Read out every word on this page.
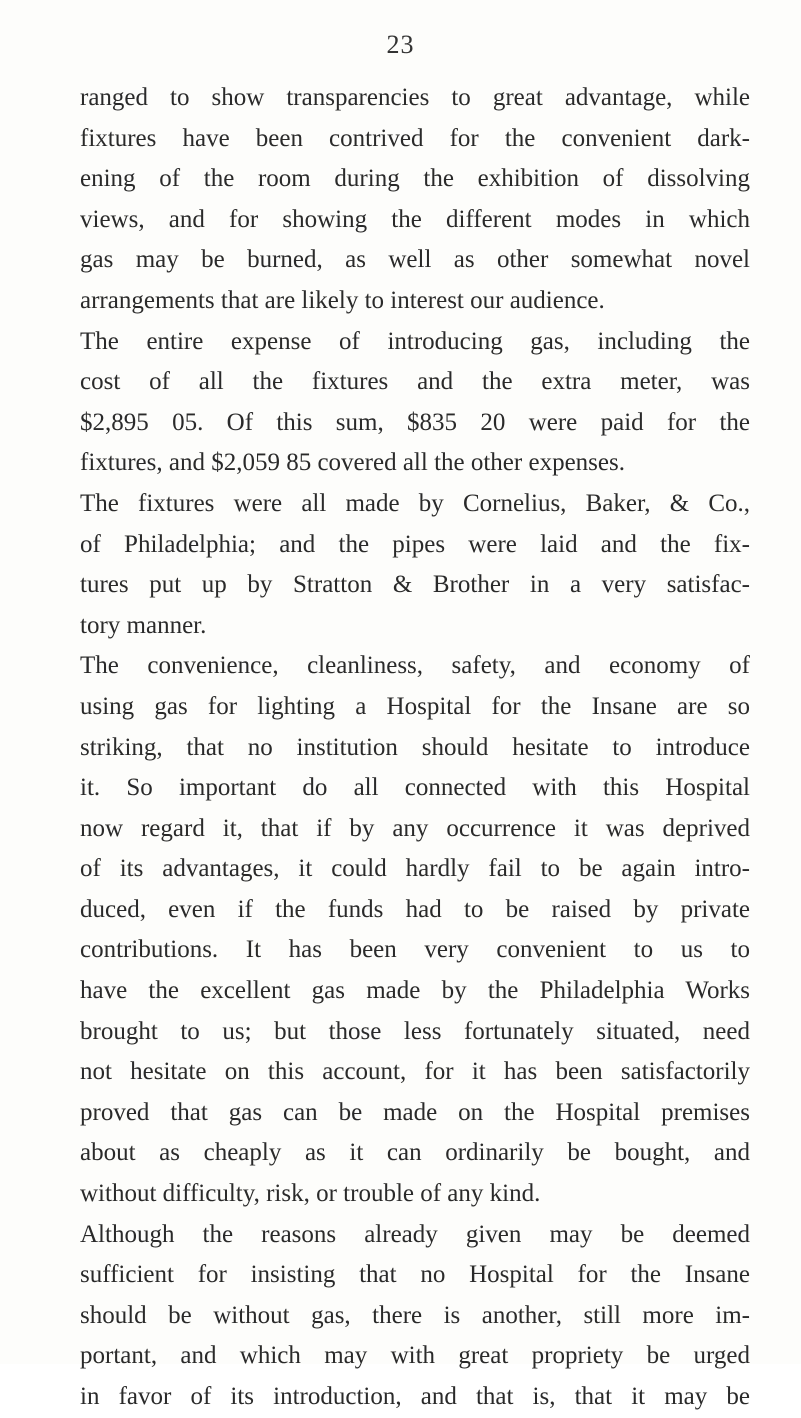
23
ranged to show transparencies to great advantage, while
fixtures have been contrived for the convenient dark-
ening of the room during the exhibition of dissolving
views, and for showing the different modes in which
gas may be burned, as well as other somewhat novel
arrangements that are likely to interest our audience.
The entire expense of introducing gas, including the
cost of all the fixtures and the extra meter, was
$2,895 05. Of this sum, $835 20 were paid for the
fixtures, and $2,059 85 covered all the other expenses.
The fixtures were all made by Cornelius, Baker, & Co.,
of Philadelphia; and the pipes were laid and the fix-
tures put up by Stratton & Brother in a very satisfac-
tory manner.
The convenience, cleanliness, safety, and economy of
using gas for lighting a Hospital for the Insane are so
striking, that no institution should hesitate to introduce
it. So important do all connected with this Hospital
now regard it, that if by any occurrence it was deprived
of its advantages, it could hardly fail to be again intro-
duced, even if the funds had to be raised by private
contributions. It has been very convenient to us to
have the excellent gas made by the Philadelphia Works
brought to us; but those less fortunately situated, need
not hesitate on this account, for it has been satisfactorily
proved that gas can be made on the Hospital premises
about as cheaply as it can ordinarily be bought, and
without difficulty, risk, or trouble of any kind.
Although the reasons already given may be deemed
sufficient for insisting that no Hospital for the Insane
should be without gas, there is another, still more im-
portant, and which may with great propriety be urged
in favor of its introduction, and that is, that it may be
